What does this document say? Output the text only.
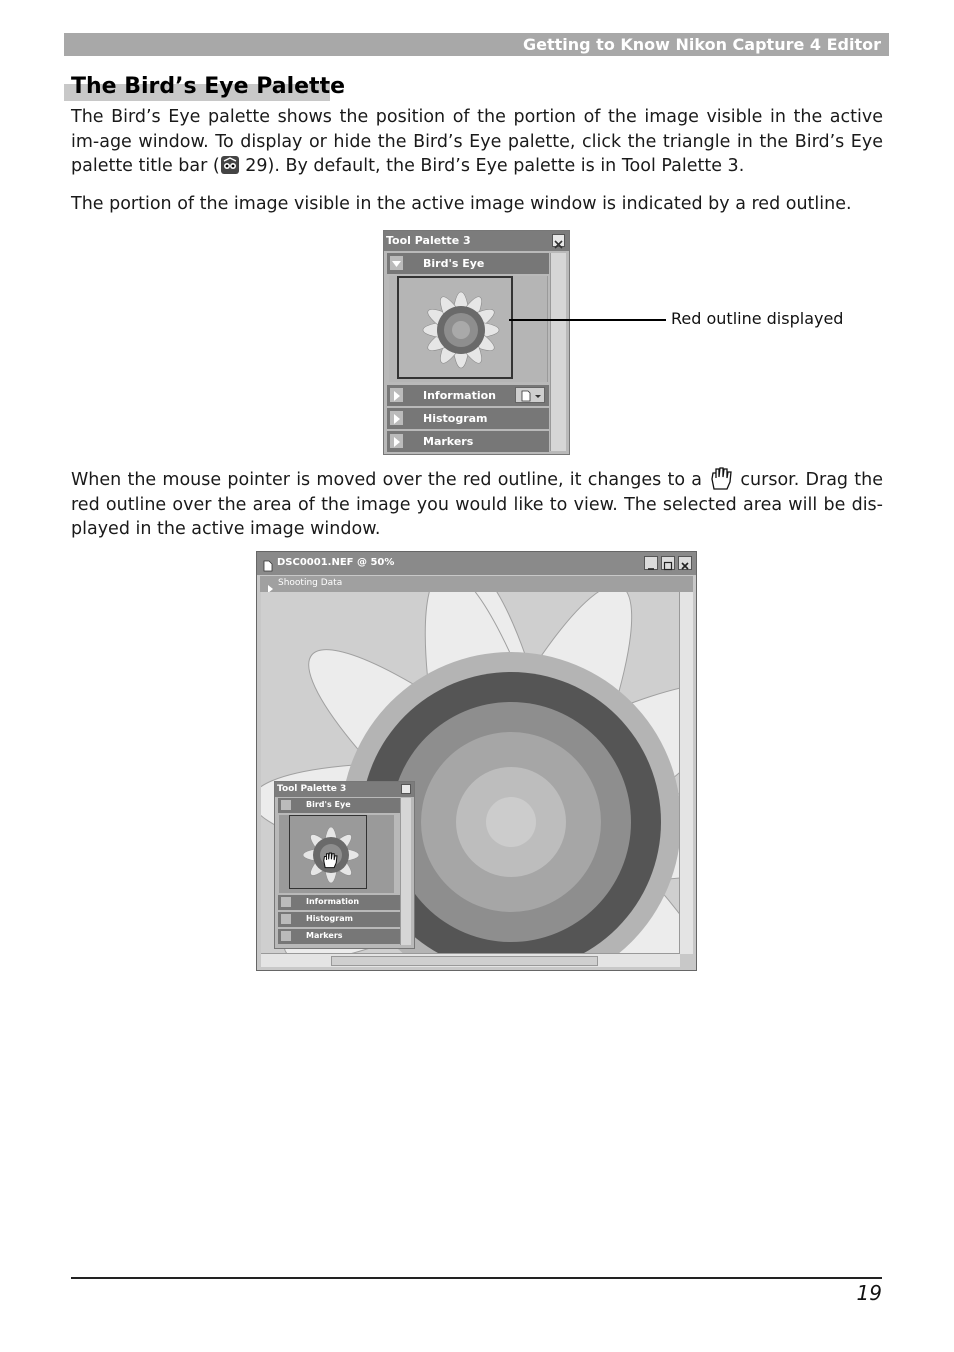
Getting to Know Nikon Capture 4 Editor
The Bird’s Eye Palette

The Bird’s Eye palette shows the position of the portion of the image visible in the active im-age window. To display or hide the Bird’s Eye palette, click the triangle in the Bird’s Eye palette title bar ( 29). By default, the Bird’s Eye palette is in Tool Palette 3.

The portion of the image visible in the active image window is indicated by a red outline.

Tool Palette 3
Bird's Eye
Information
Histogram
Markers
Red outline displayed

When the mouse pointer is moved over the red outline, it changes to a  cursor. Drag the red outline over the area of the image you would like to view. The selected area will be dis-played in the active image window.

DSC0001.NEF @ 50%
Shooting Data
Tool Palette 3
Bird's Eye
Information
Histogram
Markers
19
